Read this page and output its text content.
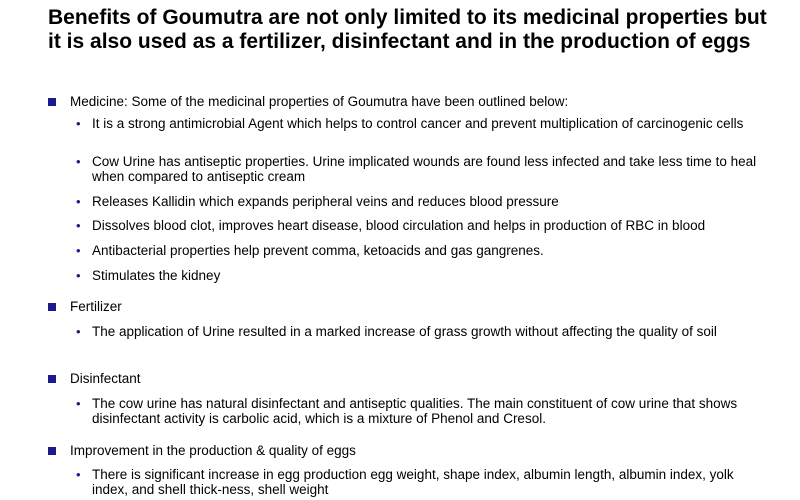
Benefits of Goumutra are not only limited to its medicinal properties but it is also used as a fertilizer, disinfectant and in the production of eggs
Medicine: Some of the medicinal properties of Goumutra have been outlined below:
• It is a strong antimicrobial Agent which helps to control cancer and prevent multiplication of carcinogenic cells
• Cow Urine has antiseptic properties. Urine implicated wounds are found less infected and take less time to heal when compared to antiseptic cream
• Releases Kallidin which expands peripheral veins and reduces blood pressure
• Dissolves blood clot, improves heart disease, blood circulation and helps in production of RBC in blood
• Antibacterial properties help prevent comma, ketoacids and gas gangrenes.
• Stimulates the kidney
Fertilizer
• The application of Urine resulted in a marked increase of grass growth without affecting the quality of soil
Disinfectant
• The cow urine has natural disinfectant and antiseptic qualities. The main constituent of cow urine that shows disinfectant activity is carbolic acid, which is a mixture of Phenol and Cresol.
Improvement in the production & quality of eggs
• There is significant increase in egg production egg weight, shape index, albumin length, albumin index, yolk index, and shell thick-ness, shell weight
